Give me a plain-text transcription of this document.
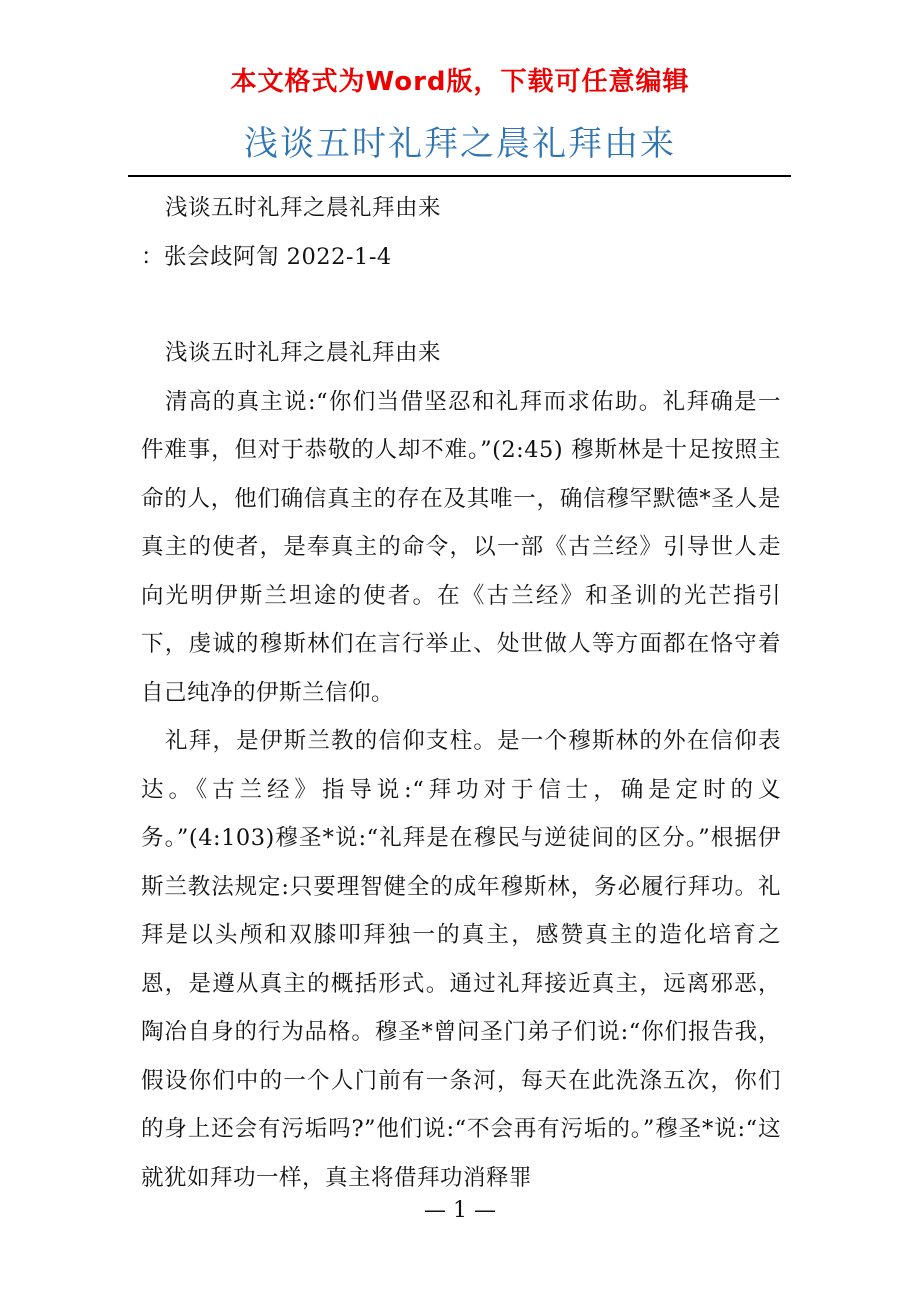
本文格式为Word版，下载可任意编辑
浅谈五时礼拜之晨礼拜由来

浅谈五时礼拜之晨礼拜由来

：张会歧阿訇 2022-1-4

浅谈五时礼拜之晨礼拜由来

清高的真主说:“你们当借坚忍和礼拜而求佑助。礼拜确是一件难事，但对于恭敬的人却不难。”(2:45) 穆斯林是十足按照主命的人，他们确信真主的存在及其唯一，确信穆罕默德*圣人是真主的使者，是奉真主的命令，以一部《古兰经》引导世人走向光明伊斯兰坦途的使者。在《古兰经》和圣训的光芒指引下，虔诚的穆斯林们在言行举止、处世做人等方面都在恪守着自己纯净的伊斯兰信仰。

礼拜，是伊斯兰教的信仰支柱。是一个穆斯林的外在信仰表达。《古兰经》指导说:“拜功对于信士，确是定时的义务。”(4:103)穆圣*说:“礼拜是在穆民与逆徒间的区分。”根据伊斯兰教法规定:只要理智健全的成年穆斯林，务必履行拜功。礼拜是以头颅和双膝叩拜独一的真主，感赞真主的造化培育之恩，是遵从真主的概括形式。通过礼拜接近真主，远离邪恶，陶冶自身的行为品格。穆圣*曾问圣门弟子们说:“你们报告我，假设你们中的一个人门前有一条河，每天在此洗涤五次，你们的身上还会有污垢吗?”他们说:“不会再有污垢的。”穆圣*说:“这就犹如拜功一样，真主将借拜功消释罪

— 1 —
